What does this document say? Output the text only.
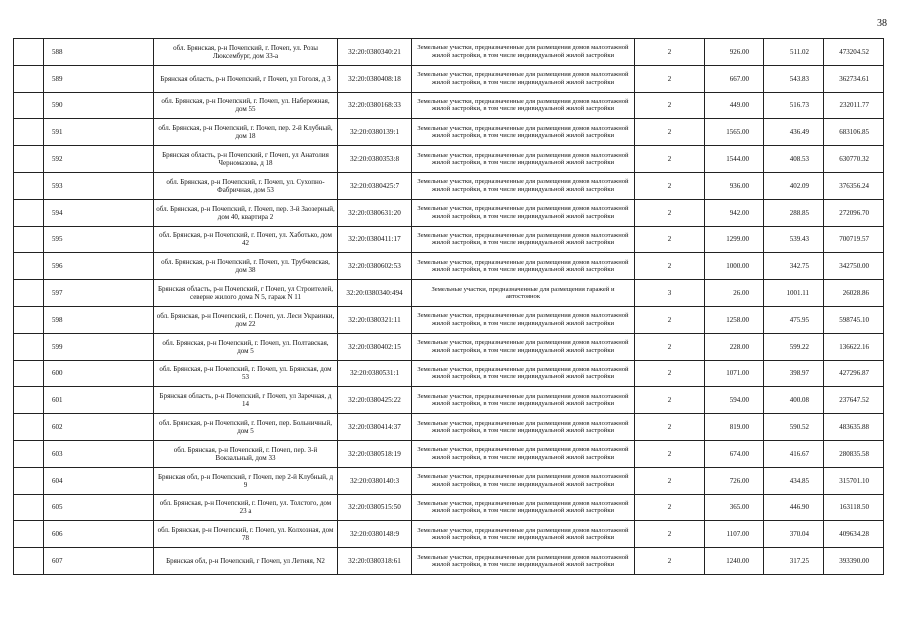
38
	588	обл. Брянская, р-н Почепский, г. Почеп, ул. Розы Люксембург, дом 33-а	32:20:0380340:21	Земельные участки, предназначенные для размещения домов малоэтажной жилой застройки, в том числе индивидуальной жилой застройки	2	926.00	511.02	473204.52
	589	Брянская область, р-н Почепский, г Почеп, ул Гоголя, д 3	32:20:0380408:18	Земельные участки, предназначенные для размещения домов малоэтажной жилой застройки, в том числе индивидуальной жилой застройки	2	667.00	543.83	362734.61
	590	обл. Брянская, р-н Почепский, г. Почеп, ул. Набережная, дом 55	32:20:0380168:33	Земельные участки, предназначенные для размещения домов малоэтажной жилой застройки, в том числе индивидуальной жилой застройки	2	449.00	516.73	232011.77
	591	обл. Брянская, р-н Почепский, г. Почеп, пер. 2-й Клубный, дом 18	32:20:0380139:1	Земельные участки, предназначенные для размещения домов малоэтажной жилой застройки, в том числе индивидуальной жилой застройки	2	1565.00	436.49	683106.85
	592	Брянская область, р-н Почепский, г Почеп, ул Анатолия Черномазова, д 18	32:20:0380353:8	Земельные участки, предназначенные для размещения домов малоэтажной жилой застройки, в том числе индивидуальной жилой застройки	2	1544.00	408.53	630770.32
	593	обл. Брянская, р-н Почепский, г. Почеп, ул. Сухопно-Фабричная, дом 53	32:20:0380425:7	Земельные участки, предназначенные для размещения домов малоэтажной жилой застройки, в том числе индивидуальной жилой застройки	2	936.00	402.09	376356.24
	594	обл. Брянская, р-н Почепский, г. Почеп, пер. 3-й Заозерный, дом 40, квартира 2	32:20:0380631:20	Земельные участки, предназначенные для размещения домов малоэтажной жилой застройки, в том числе индивидуальной жилой застройки	2	942.00	288.85	272096.70
	595	обл. Брянская, р-н Почепский, г. Почеп, ул. Хаботько, дом 42	32:20:0380411:17	Земельные участки, предназначенные для размещения домов малоэтажной жилой застройки, в том числе индивидуальной жилой застройки	2	1299.00	539.43	700719.57
	596	обл. Брянская, р-н Почепский, г. Почеп, ул. Трубчевская, дом 38	32:20:0380602:53	Земельные участки, предназначенные для размещения домов малоэтажной жилой застройки, в том числе индивидуальной жилой застройки	2	1000.00	342.75	342750.00
	597	Брянская область, р-н Почепский, г Почеп, ул Строителей, северне жилого дома N 5, гараж N 11	32:20:0380340:494	Земельные участки, предназначенные для размещения гаражей и автостоянок	3	26.00	1001.11	26028.86
	598	обл. Брянская, р-н Почепский, г. Почеп, ул. Леси Украинки, дом 22	32:20:0380321:11	Земельные участки, предназначенные для размещения домов малоэтажной жилой застройки, в том числе индивидуальной жилой застройки	2	1258.00	475.95	598745.10
	599	обл. Брянская, р-н Почепский, г. Почеп, ул. Полтавская, дом 5	32:20:0380402:15	Земельные участки, предназначенные для размещения домов малоэтажной жилой застройки, в том числе индивидуальной жилой застройки	2	228.00	599.22	136622.16
	600	обл. Брянская, р-н Почепский, г. Почеп, ул. Брянская, дом 53	32:20:0380531:1	Земельные участки, предназначенные для размещения домов малоэтажной жилой застройки, в том числе индивидуальной жилой застройки	2	1071.00	398.97	427296.87
	601	Брянская область, р-н Почепский, г Почеп, ул Заречная, д 14	32:20:0380425:22	Земельные участки, предназначенные для размещения домов малоэтажной жилой застройки, в том числе индивидуальной жилой застройки	2	594.00	400.08	237647.52
	602	обл. Брянская, р-н Почепский, г. Почеп, пер. Больничный, дом 5	32:20:0380414:37	Земельные участки, предназначенные для размещения домов малоэтажной жилой застройки, в том числе индивидуальной жилой застройки	2	819.00	590.52	483635.88
	603	обл. Брянская, р-н Почепский, г. Почеп, пер. 3-й Вокзальный, дом 33	32:20:0380518:19	Земельные участки, предназначенные для размещения домов малоэтажной жилой застройки, в том числе индивидуальной жилой застройки	2	674.00	416.67	280835.58
	604	Брянская обл, р-н Почепский, г Почеп, пер 2-й Клубный, д 9	32:20:0380140:3	Земельные участки, предназначенные для размещения домов малоэтажной жилой застройки, в том числе индивидуальной жилой застройки	2	726.00	434.85	315701.10
	605	обл. Брянская, р-н Почепский, г. Почеп, ул. Толстого, дом 23 а	32:20:0380515:50	Земельные участки, предназначенные для размещения домов малоэтажной жилой застройки, в том числе индивидуальной жилой застройки	2	365.00	446.90	163118.50
	606	обл. Брянская, р-н Почепский, г. Почеп, ул. Колхозная, дом 78	32:20:0380148:9	Земельные участки, предназначенные для размещения домов малоэтажной жилой застройки, в том числе индивидуальной жилой застройки	2	1107.00	370.04	409634.28
	607	Брянская обл, р-н Почепский, г Почеп, ул Летняя, N2	32:20:0380318:61	Земельные участки, предназначенные для размещения домов малоэтажной жилой застройки, в том числе индивидуальной жилой застройки	2	1240.00	317.25	393390.00
